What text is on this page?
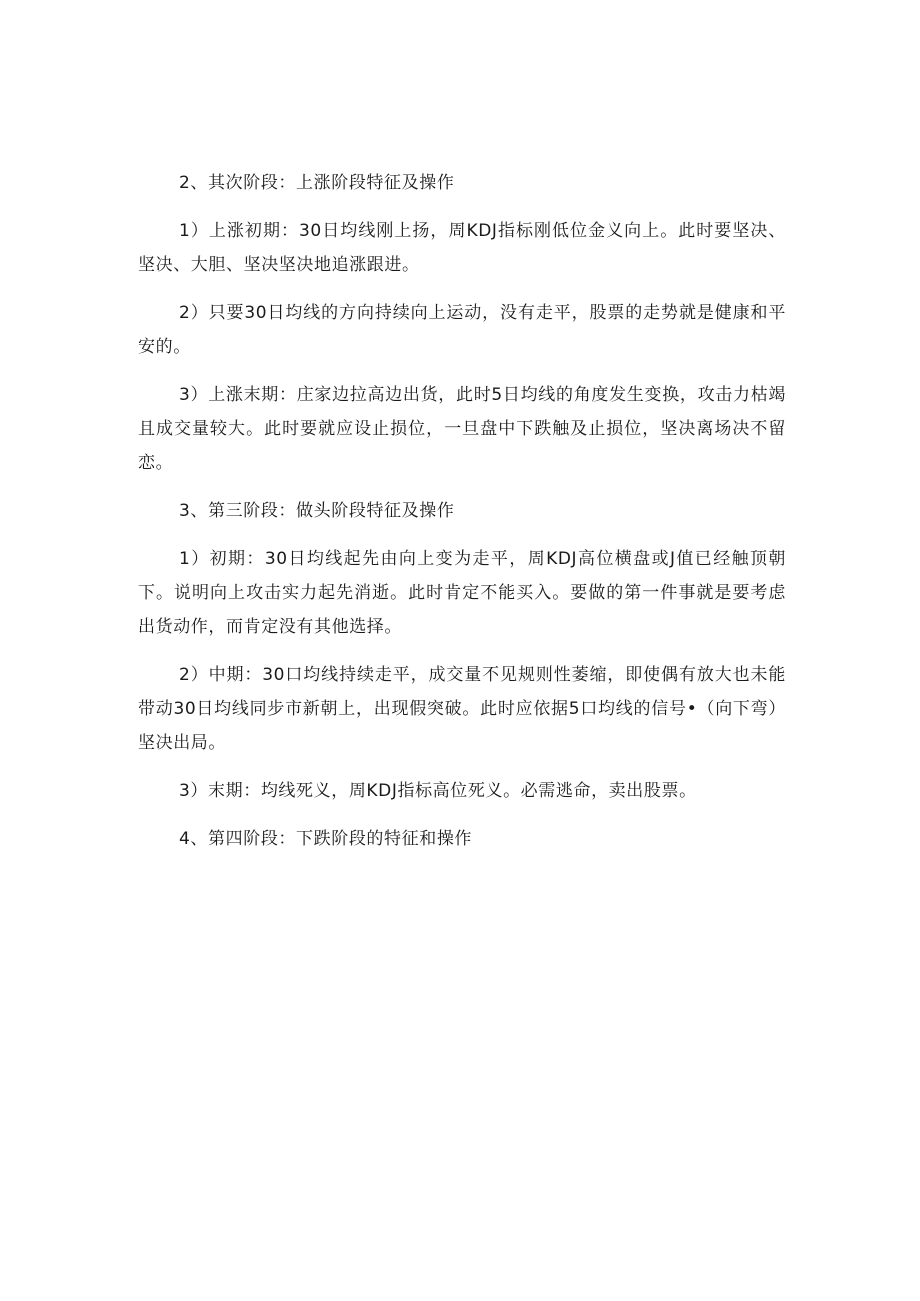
2、其次阶段：上涨阶段特征及操作

1）上涨初期：30日均线刚上扬，周KDJ指标刚低位金义向上。此时要坚决、坚决、大胆、坚决坚决地追涨跟进。

2）只要30日均线的方向持续向上运动，没有走平，股票的走势就是健康和平安的。

3）上涨末期：庄家边拉高边出货，此时5日均线的角度发生变换，攻击力枯竭且成交量较大。此时要就应设止损位，一旦盘中下跌触及止损位，坚决离场决不留恋。

3、第三阶段：做头阶段特征及操作

1）初期：30日均线起先由向上变为走平，周KDJ高位横盘或J值已经触顶朝下。说明向上攻击实力起先消逝。此时肯定不能买入。要做的第一件事就是要考虑出货动作，而肯定没有其他选择。

2）中期：30口均线持续走平，成交量不见规则性萎缩，即使偶有放大也未能带动30日均线同步市新朝上，出现假突破。此时应依据5口均线的信号•（向下弯）坚决出局。

3）末期：均线死义，周KDJ指标高位死义。必需逃命，卖出股票。

4、第四阶段：下跌阶段的特征和操作
